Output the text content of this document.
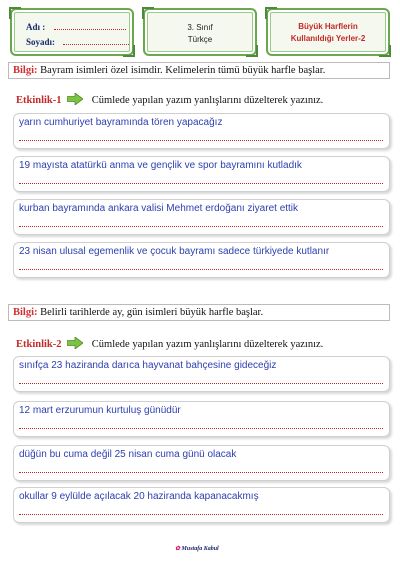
Adı :
Soyadı:
3. Sınıf
Türkçe
Büyük Harflerin
Kullanıldığı Yerler-2
Bilgi: Bayram isimleri özel isimdir. Kelimelerin tümü büyük harfle başlar.
Etkinlik-1	Cümlede yapılan yazım yanlışlarını düzelterek yazınız.
yarın cumhuriyet bayramında tören yapacağız
19 mayısta atatürkü anma ve gençlik ve spor bayramını kutladık
kurban bayramında ankara valisi Mehmet erdoğanı ziyaret ettik
23 nisan ulusal egemenlik ve çocuk bayramı sadece türkiyede kutlanır
Bilgi: Belirli tarihlerde ay, gün isimleri büyük harfle başlar.
Etkinlik-2	Cümlede yapılan yazım yanlışlarını düzelterek yazınız.
sınıfça 23 haziranda darıca hayvanat bahçesine gideceğiz
12 mart erzurumun kurtuluş günüdür
düğün bu cuma değil 25 nisan cuma günü olacak
okullar 9 eylülde açılacak 20 haziranda kapanacakmış
✿ Mustafa Kabul
